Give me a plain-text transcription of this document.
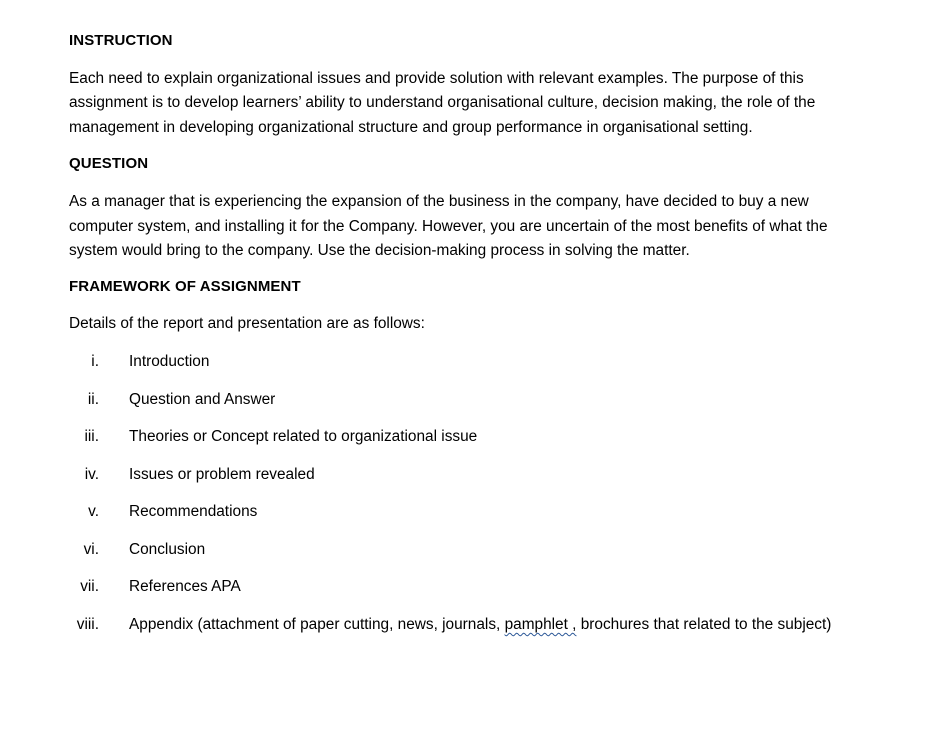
INSTRUCTION

Each need to explain organizational issues and provide solution with relevant examples. The purpose of this assignment is to develop learners’ ability to understand organisational culture, decision making, the role of the management in developing organizational structure and group performance in organisational setting.

QUESTION

As a manager that is experiencing the expansion of the business in the company, have decided to buy a new computer system, and installing it for the Company. However, you are uncertain of the most benefits of what the system would bring to the company. Use the decision-making process in solving the matter.

FRAMEWORK OF ASSIGNMENT

Details of the report and presentation are as follows:

i. Introduction
ii. Question and Answer
iii. Theories or Concept related to organizational issue
iv. Issues or problem revealed
v. Recommendations
vi. Conclusion
vii. References APA
viii. Appendix (attachment of paper cutting, news, journals, pamphlet , brochures that related to the subject)
